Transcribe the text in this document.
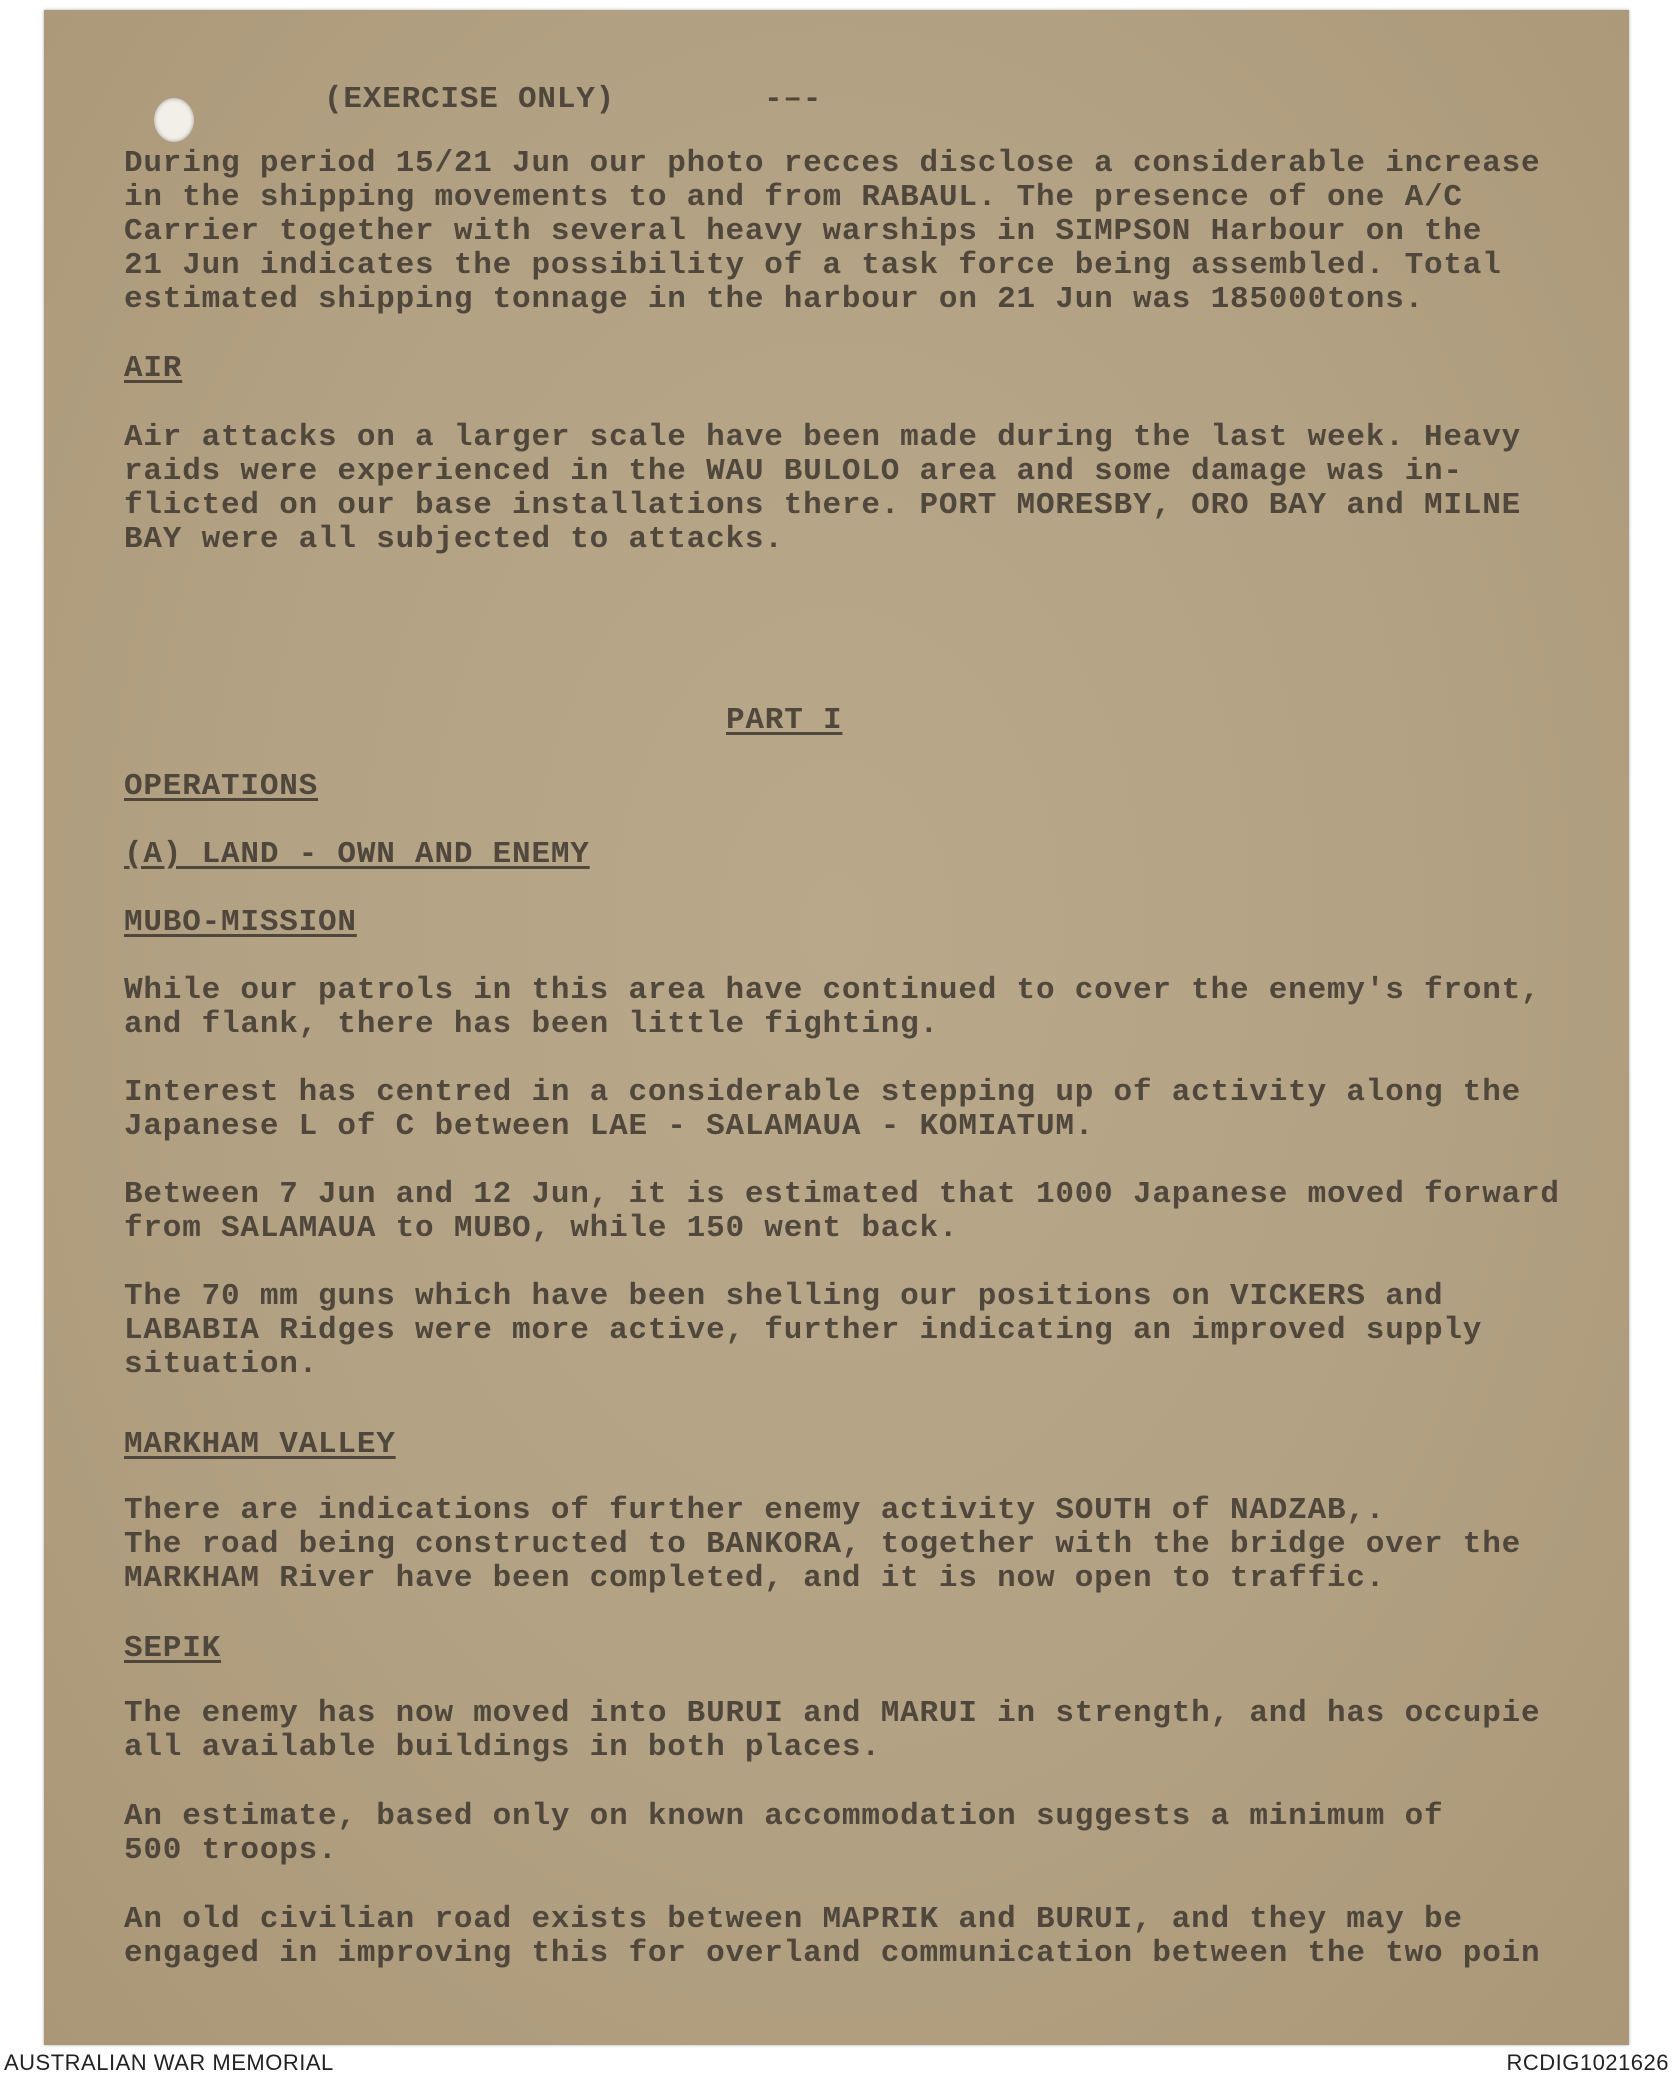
(EXERCISE ONLY)	-–-

During period 15/21 Jun our photo recces disclose a considerable increase

in the shipping movements to and from RABAUL. The presence of one A/C

Carrier together with several heavy warships in SIMPSON Harbour on the

21 Jun indicates the possibility of a task force being assembled. Total

estimated shipping tonnage in the harbour on 21 Jun was 185000tons.

AIR

Air attacks on a larger scale have been made during the last week. Heavy

raids were experienced in the WAU BULOLO area and some damage was in-

flicted on our base installations there. PORT MORESBY, ORO BAY and MILNE

BAY were all subjected to attacks.

PART I

OPERATIONS

(A) LAND - OWN AND ENEMY

MUBO-MISSION

While our patrols in this area have continued to cover the enemy's front,

and flank, there has been little fighting.

Interest has centred in a considerable stepping up of activity along the

Japanese L of C between LAE - SALAMAUA - KOMIATUM.

Between 7 Jun and 12 Jun, it is estimated that 1000 Japanese moved forward

from SALAMAUA to MUBO, while 150 went back.

The 70 mm guns which have been shelling our positions on VICKERS and

LABABIA Ridges were more active, further indicating an improved supply

situation.

MARKHAM VALLEY

There are indications of further enemy activity SOUTH of NADZAB,.

The road being constructed to BANKORA, together with the bridge over the

MARKHAM River have been completed, and it is now open to traffic.

SEPIK

The enemy has now moved into BURUI and MARUI in strength, and has occupie

all available buildings in both places.

An estimate, based only on known accommodation suggests a minimum of

500 troops.

An old civilian road exists between MAPRIK and BURUI, and they may be

engaged in improving this for overland communication between the two poin

AUSTRALIAN WAR MEMORIAL	RCDIG1021626
